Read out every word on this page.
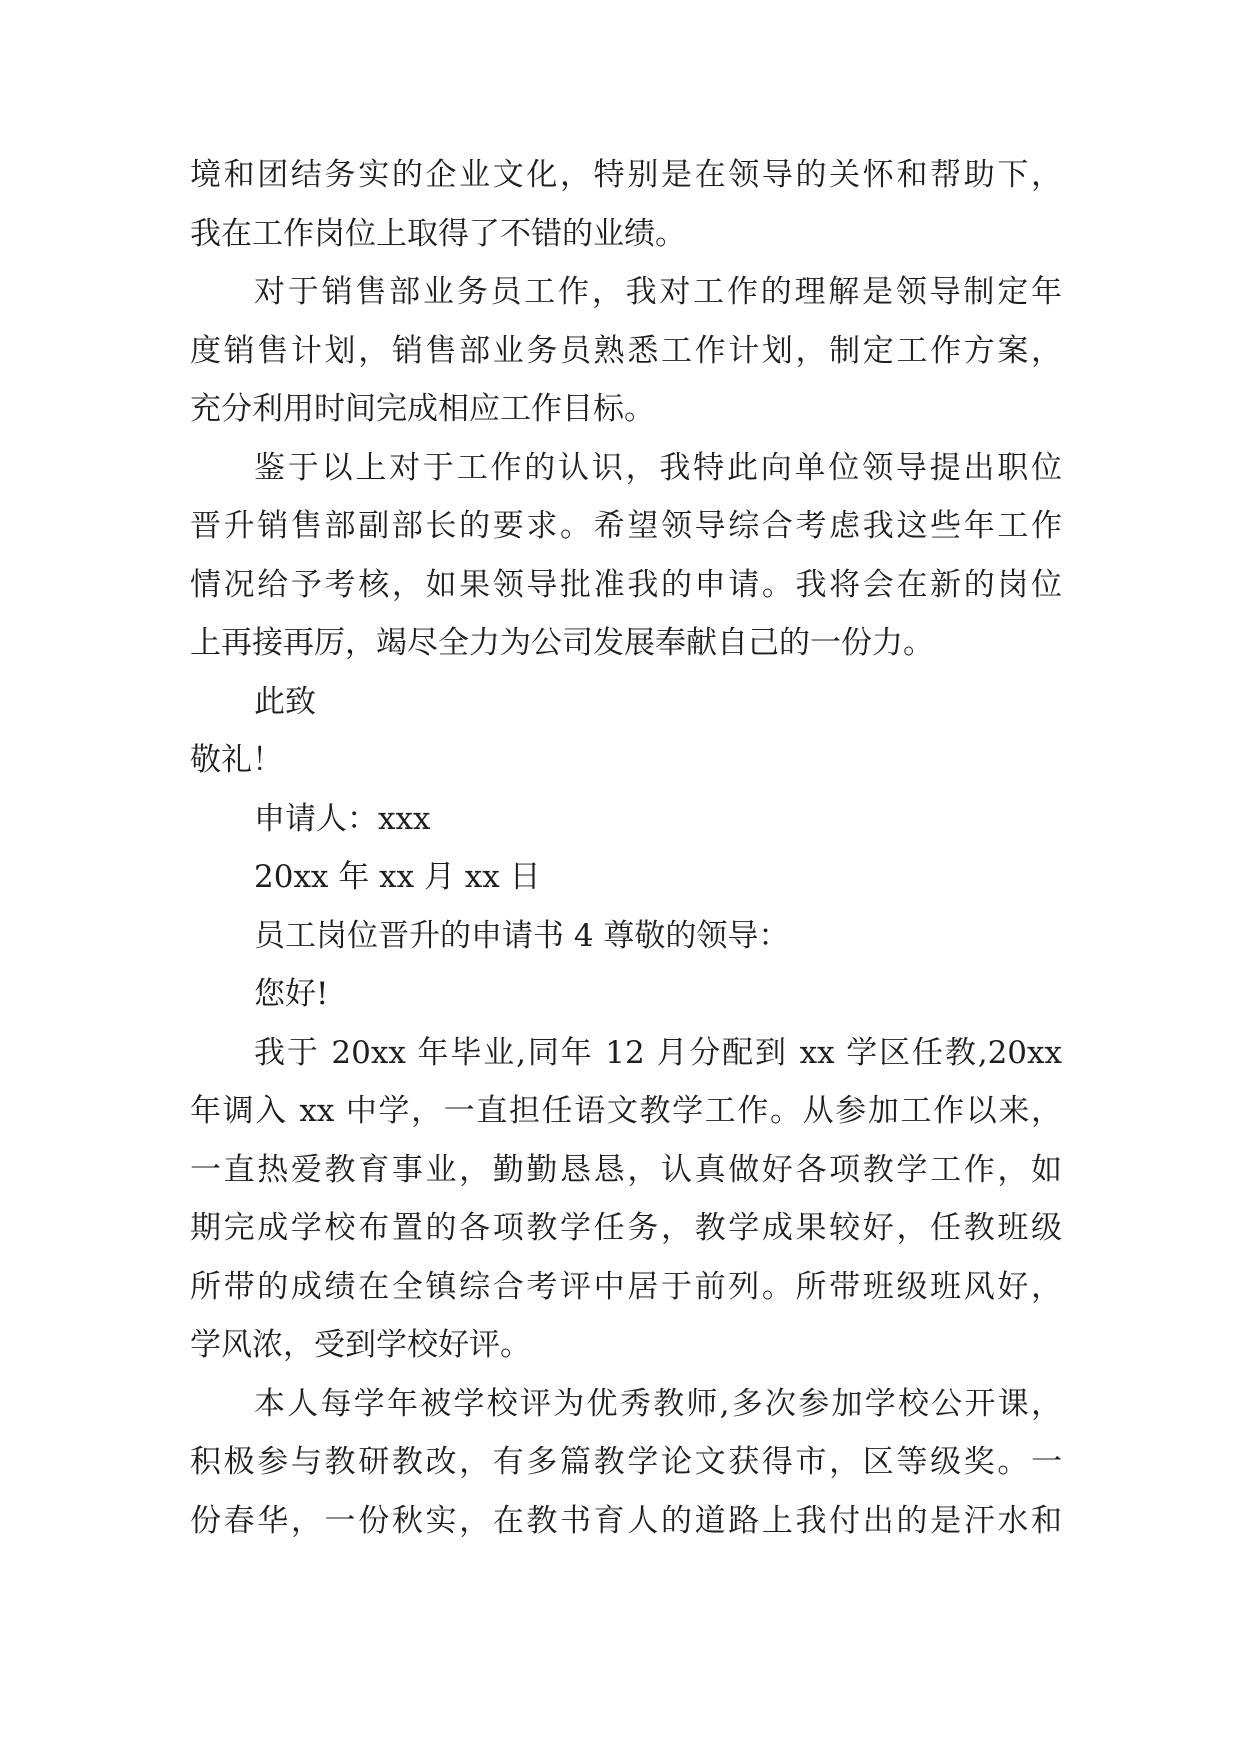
境和团结务实的企业文化，特别是在领导的关怀和帮助下，
我在工作岗位上取得了不错的业绩。
对于销售部业务员工作，我对工作的理解是领导制定年
度销售计划，销售部业务员熟悉工作计划，制定工作方案，
充分利用时间完成相应工作目标。
鉴于以上对于工作的认识，我特此向单位领导提出职位
晋升销售部副部长的要求。希望领导综合考虑我这些年工作
情况给予考核，如果领导批准我的申请。我将会在新的岗位
上再接再厉，竭尽全力为公司发展奉献自己的一份力。
此致
敬礼！
申请人：xxx
20xx 年 xx 月 xx 日
员工岗位晋升的申请书 4 尊敬的领导：
您好!
我于 20xx 年毕业,同年 12 月分配到 xx 学区任教,20xx
年调入 xx 中学，一直担任语文教学工作。从参加工作以来，
一直热爱教育事业，勤勤恳恳，认真做好各项教学工作，如
期完成学校布置的各项教学任务，教学成果较好，任教班级
所带的成绩在全镇综合考评中居于前列。所带班级班风好，
学风浓，受到学校好评。
本人每学年被学校评为优秀教师,多次参加学校公开课，
积极参与教研教改，有多篇教学论文获得市，区等级奖。一
份春华，一份秋实，在教书育人的道路上我付出的是汗水和
